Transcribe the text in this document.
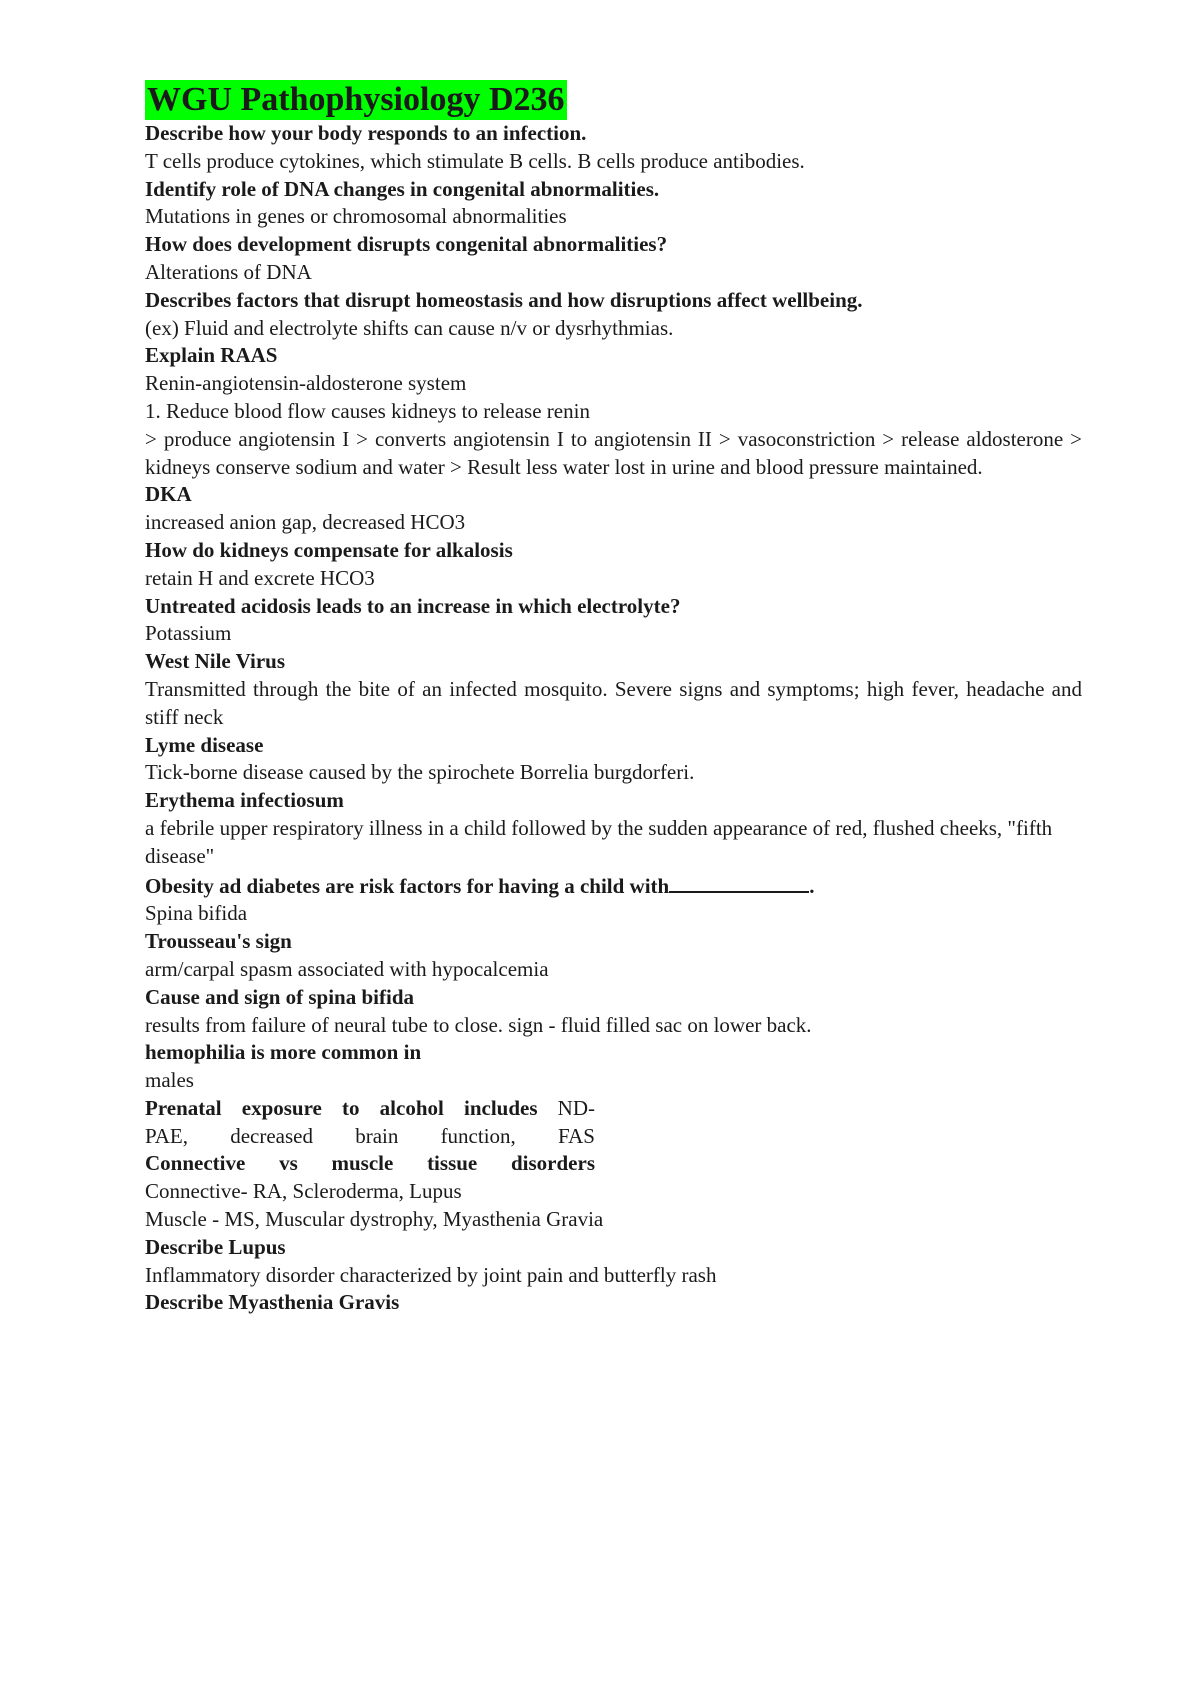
WGU Pathophysiology D236

Describe how your body responds to an infection.

T cells produce cytokines, which stimulate B cells. B cells produce antibodies.

Identify role of DNA changes in congenital abnormalities.

Mutations in genes or chromosomal abnormalities

How does development disrupts congenital abnormalities?

Alterations of DNA

Describes factors that disrupt homeostasis and how disruptions affect wellbeing.

(ex) Fluid and electrolyte shifts can cause n/v or dysrhythmias.

Explain RAAS

Renin-angiotensin-aldosterone system

1. Reduce blood flow causes kidneys to release renin

> produce angiotensin I > converts angiotensin I to angiotensin II > vasoconstriction > release aldosterone > kidneys conserve sodium and water > Result less water lost in urine and blood pressure maintained.

DKA

increased anion gap, decreased HCO3

How do kidneys compensate for alkalosis

retain H and excrete HCO3

Untreated acidosis leads to an increase in which electrolyte?

Potassium

West Nile Virus

Transmitted through the bite of an infected mosquito. Severe signs and symptoms; high fever, headache and stiff neck

Lyme disease

Tick-borne disease caused by the spirochete Borrelia burgdorferi.

Erythema infectiosum

a febrile upper respiratory illness in a child followed by the sudden appearance of red, flushed cheeks, "fifth disease"

Obesity ad diabetes are risk factors for having a child with	.

Spina bifida

Trousseau's sign

arm/carpal spasm associated with hypocalcemia

Cause and sign of spina bifida

results from failure of neural tube to close. sign - fluid filled sac on lower back.

hemophilia is more common in

males

Prenatal exposure to alcohol includes ND-

PAE, decreased brain function, FAS

Connective vs muscle tissue disorders

Connective- RA, Scleroderma, Lupus

Muscle - MS, Muscular dystrophy, Myasthenia Gravia

Describe Lupus

Inflammatory disorder characterized by joint pain and butterfly rash

Describe Myasthenia Gravis
